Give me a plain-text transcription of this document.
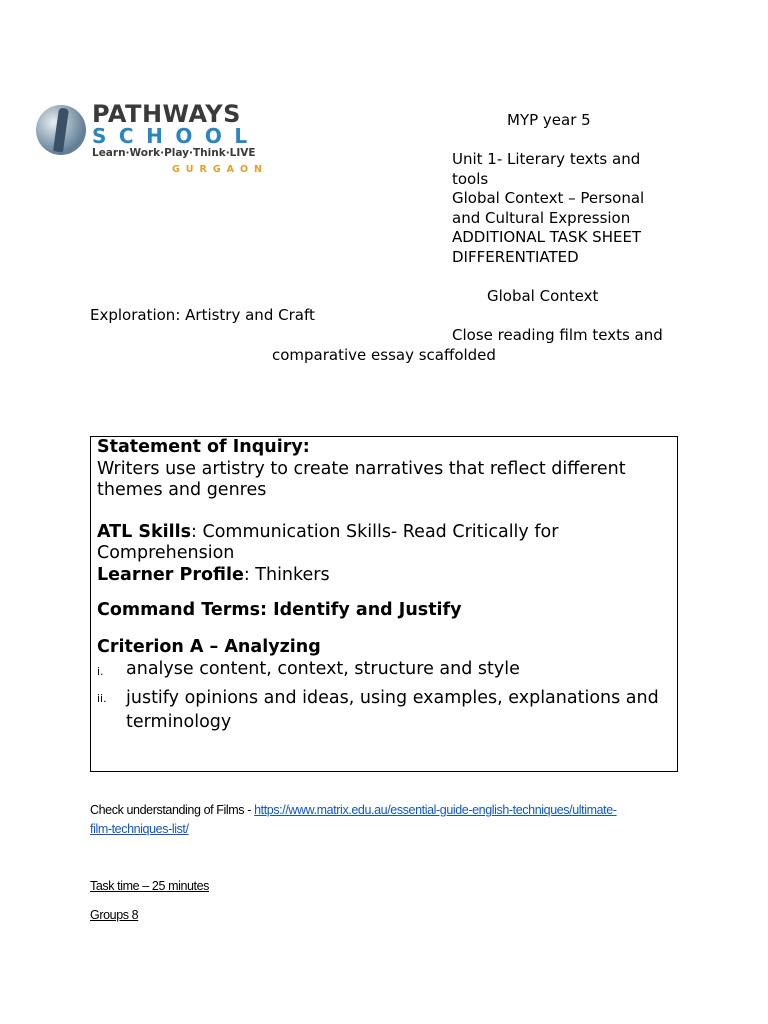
PATHWAYS
SCHOOL
Learn·Work·Play·Think·LIVE
GURGAON
MYP year 5
Unit 1- Literary texts and
tools
Global Context – Personal
and Cultural Expression
ADDITIONAL TASK SHEET
DIFFERENTIATED
Global Context
Exploration: Artistry and Craft
Close reading film texts and
comparative essay scaffolded
Statement of Inquiry:
Writers use artistry to create narratives that reflect different
themes and genres
ATL Skills: Communication Skills- Read Critically for
Comprehension
Learner Profile: Thinkers
Command Terms: Identify and Justify
Criterion A – Analyzing
i. analyse content, context, structure and style
ii. justify opinions and ideas, using examples, explanations and
terminology
Check understanding of Films - https://www.matrix.edu.au/essential-guide-english-techniques/ultimate-
film-techniques-list/
Task time – 25 minutes
Groups 8
